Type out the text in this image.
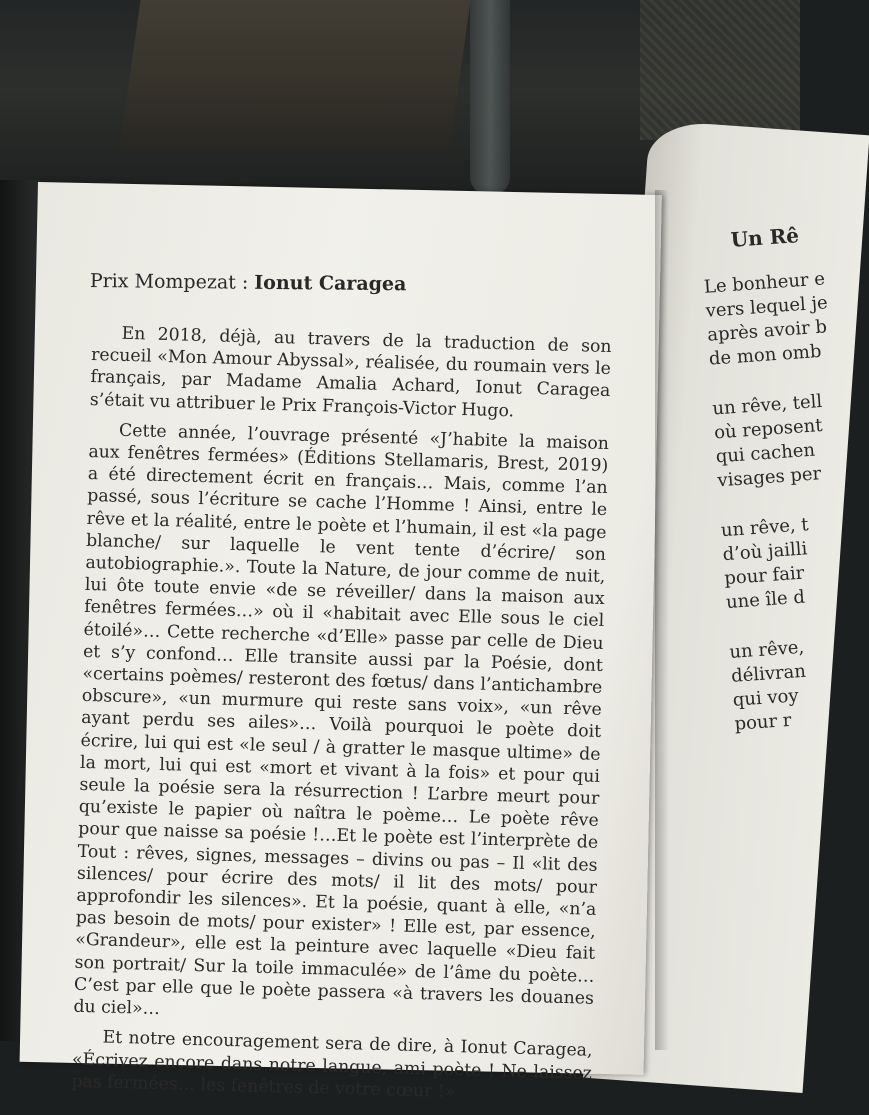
Prix Mompezat : Ionut Caragea

En 2018, déjà, au travers de la traduction de son recueil «Mon Amour Abyssal», réalisée, du roumain vers le français, par Madame Amalia Achard, Ionut Caragea s’était vu attribuer le Prix François-Victor Hugo.

Cette année, l’ouvrage présenté «J’habite la maison aux fenêtres fermées» (Éditions Stellamaris, Brest, 2019) a été directement écrit en français… Mais, comme l’an passé, sous l’écriture se cache l’Homme ! Ainsi, entre le rêve et la réalité, entre le poète et l’humain, il est «la page blanche/ sur laquelle le vent tente d’écrire/ son autobiographie.». Toute la Nature, de jour comme de nuit, lui ôte toute envie «de se réveiller/ dans la maison aux fenêtres fermées…» où il «habitait avec Elle sous le ciel étoilé»… Cette recherche «d’Elle» passe par celle de Dieu et s’y confond… Elle transite aussi par la Poésie, dont «certains poèmes/ resteront des fœtus/ dans l’antichambre obscure», «un murmure qui reste sans voix», «un rêve ayant perdu ses ailes»… Voilà pourquoi le poète doit écrire, lui qui est «le seul / à gratter le masque ultime» de la mort, lui qui est «mort et vivant à la fois» et pour qui seule la poésie sera la résurrection ! L’arbre meurt pour qu’existe le papier où naîtra le poème… Le poète rêve pour que naisse sa poésie !…Et le poète est l’interprète de Tout : rêves, signes, messages – divins ou pas – Il «lit des silences/ pour écrire des mots/ il lit des mots/ pour approfondir les silences». Et la poésie, quant à elle, «n’a pas besoin de mots/ pour exister» ! Elle est, par essence, «Grandeur», elle est la peinture avec laquelle «Dieu fait son portrait/ Sur la toile immaculée» de l’âme du poète… C’est par elle que le poète passera «à travers les douanes du ciel»…

Et notre encouragement sera de dire, à Ionut Caragea, «Écrivez encore dans notre langue, ami poète ! Ne laissez pas fermées… les fenêtres de votre cœur !»

Un Rê
Le bonheur e
vers lequel je
après avoir b
de mon omb
un rêve, tell
où reposent
qui cachen
visages per
un rêve, t
d’où jailli
pour fair
une île d
un rêve,
délivran
qui voy
pour r
